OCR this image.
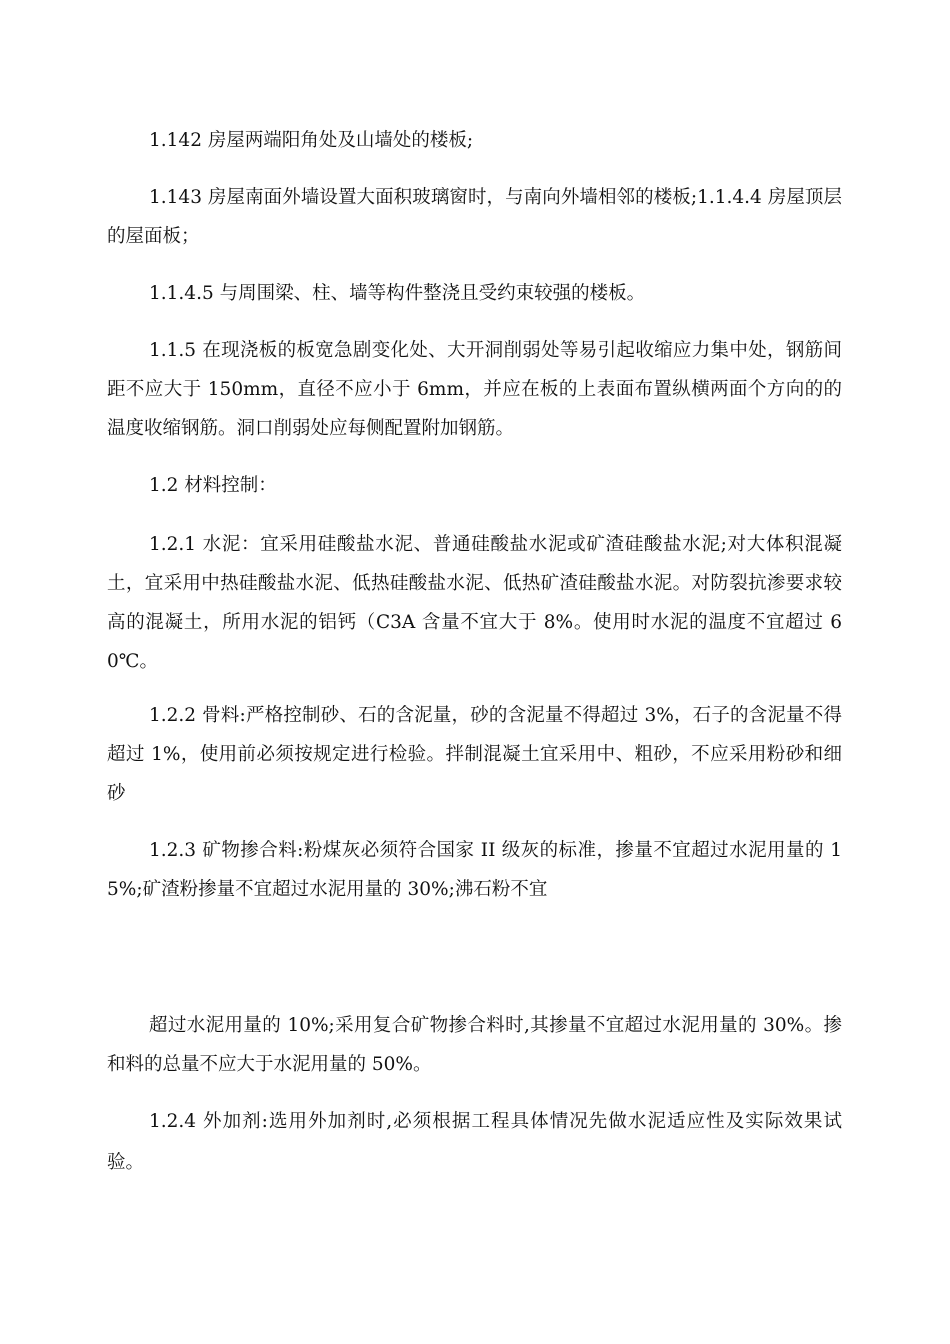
1.142 房屋两端阳角处及山墙处的楼板;

1.143 房屋南面外墙设置大面积玻璃窗时，与南向外墙相邻的楼板;1.1.4.4 房屋顶层的屋面板；

1.1.4.5 与周围梁、柱、墙等构件整浇且受约束较强的楼板。

1.1.5 在现浇板的板宽急剧变化处、大开洞削弱处等易引起收缩应力集中处，钢筋间距不应大于 150mm，直径不应小于 6mm，并应在板的上表面布置纵横两面个方向的的温度收缩钢筋。洞口削弱处应每侧配置附加钢筋。

1.2 材料控制：

1.2.1 水泥：宜采用硅酸盐水泥、普通硅酸盐水泥或矿渣硅酸盐水泥;对大体积混凝土，宜采用中热硅酸盐水泥、低热硅酸盐水泥、低热矿渣硅酸盐水泥。对防裂抗渗要求较高的混凝土，所用水泥的铝钙（C3A 含量不宜大于 8%。使用时水泥的温度不宜超过 60℃。

1.2.2 骨料:严格控制砂、石的含泥量，砂的含泥量不得超过 3%，石子的含泥量不得超过 1%，使用前必须按规定进行检验。拌制混凝土宜采用中、粗砂，不应采用粉砂和细砂

1.2.3 矿物掺合料:粉煤灰必须符合国家 II 级灰的标准，掺量不宜超过水泥用量的 15%;矿渣粉掺量不宜超过水泥用量的 30%;沸石粉不宜

超过水泥用量的 10%;采用复合矿物掺合料时,其掺量不宜超过水泥用量的 30%。掺和料的总量不应大于水泥用量的 50%。

1.2.4 外加剂:选用外加剂时,必须根据工程具体情况先做水泥适应性及实际效果试验。
